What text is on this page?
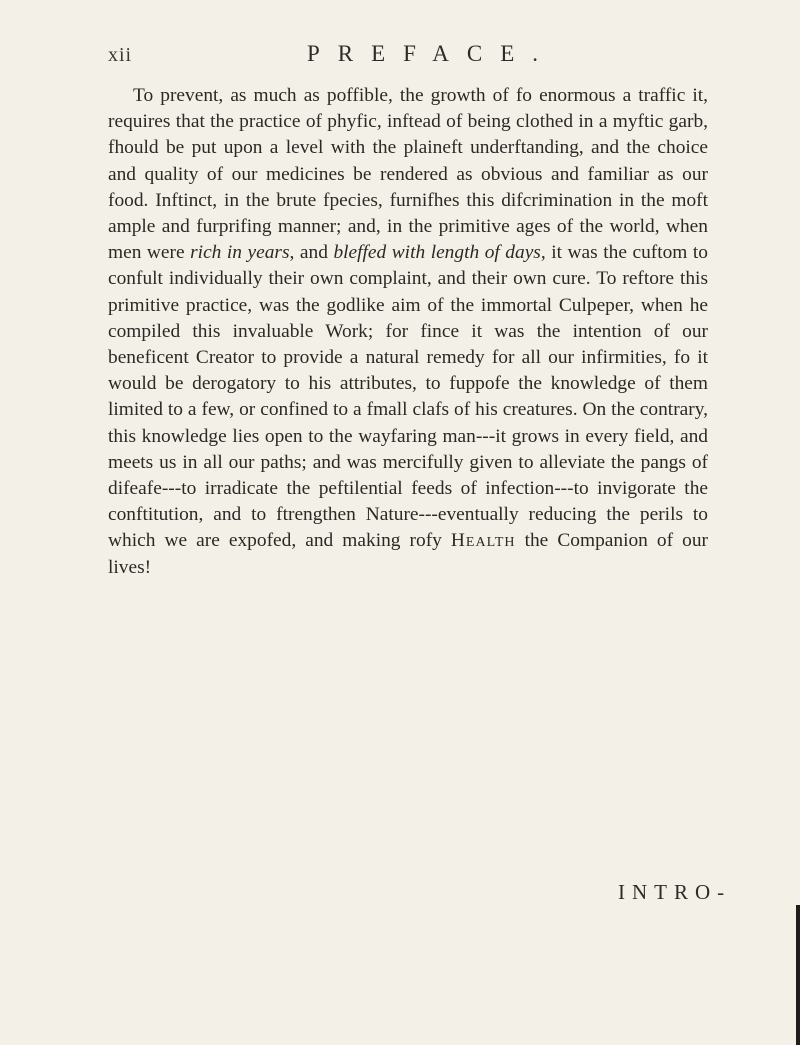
xii	PREFACE.

To prevent, as much as poffible, the growth of fo enormous a traffic it, requires that the practice of phyfic, inftead of being clothed in a myftic garb, fhould be put upon a level with the plaineft underftanding, and the choice and quality of our medicines be rendered as obvious and familiar as our food. Inftinct, in the brute fpecies, furnifhes this difcrimination in the moft ample and furprifing manner; and, in the primitive ages of the world, when men were rich in years, and bleffed with length of days, it was the cuftom to confult individually their own complaint, and their own cure. To reftore this primitive practice, was the godlike aim of the immortal Culpeper, when he compiled this invaluable Work; for fince it was the intention of our beneficent Creator to provide a natural remedy for all our infirmities, fo it would be derogatory to his attributes, to fuppofe the knowledge of them limited to a few, or confined to a fmall clafs of his creatures. On the contrary, this knowledge lies open to the wayfaring man---it grows in every field, and meets us in all our paths; and was mercifully given to alleviate the pangs of difeafe---to irradicate the peftilential feeds of infection---to invigorate the conftitution, and to ftrengthen Nature---eventually reducing the perils to which we are expofed, and making rofy Health the Companion of our lives!

INTRO-
